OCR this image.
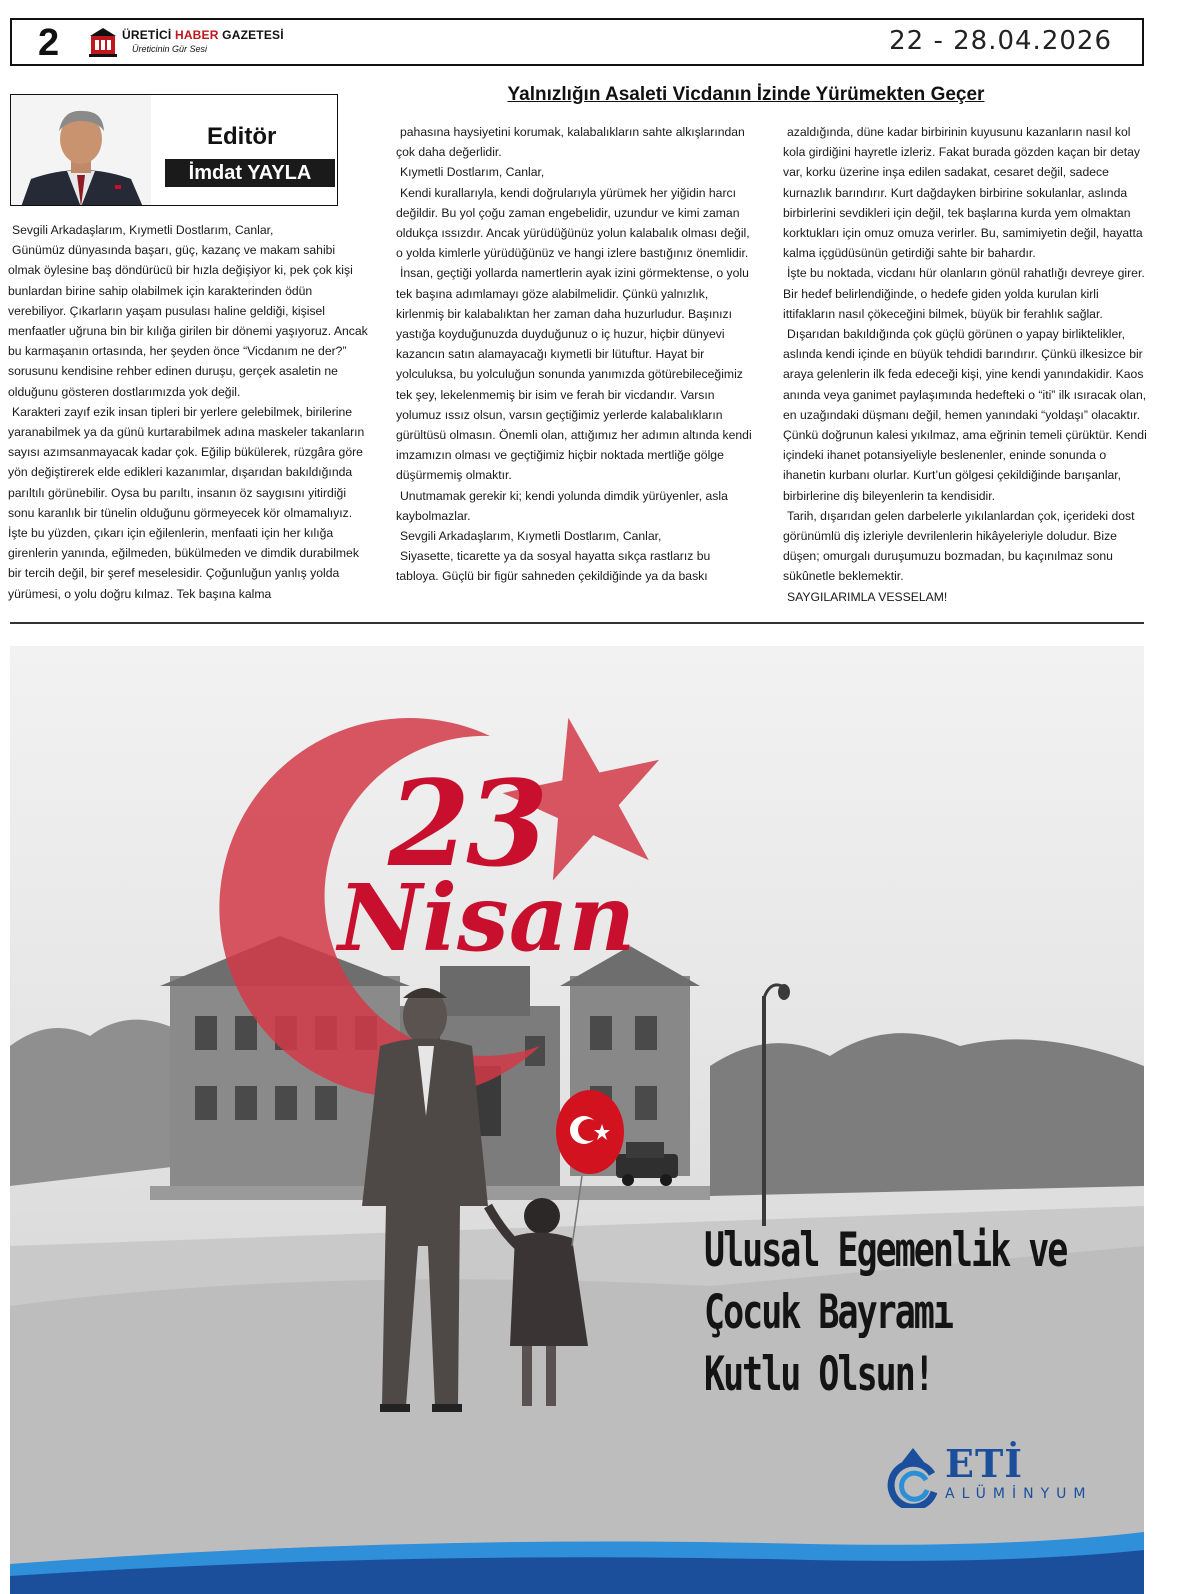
2	ÜRETİCİ HABER GAZETESİ
Üreticinin Gür Sesi	22 - 28.04.2026
Editör
İmdat YAYLA
Yalnızlığın Asaleti Vicdanın İzinde Yürümekten Geçer

Sevgili Arkadaşlarım, Kıymetli Dostlarım, Canlar,

Günümüz dünyasında başarı, güç, kazanç ve makam sahibi olmak öylesine baş döndürücü bir hızla değişiyor ki, pek çok kişi bunlardan birine sahip olabilmek için karakterinden ödün verebiliyor. Çıkarların yaşam pusulası haline geldiği, kişisel menfaatler uğruna bin bir kılığa girilen bir dönemi yaşıyoruz. Ancak bu karmaşanın ortasında, her şeyden önce “Vicdanım ne der?” sorusunu kendisine rehber edinen duruşu, gerçek asaletin ne olduğunu gösteren dostlarımızda yok değil.

Karakteri zayıf ezik insan tipleri bir yerlere gelebilmek, birilerine yaranabilmek ya da günü kurtarabilmek adına maskeler takanların sayısı azımsanmayacak kadar çok. Eğilip bükülerek, rüzgâra göre yön değiştirerek elde edikleri kazanımlar, dışarıdan bakıldığında parıltılı görünebilir. Oysa bu parıltı, insanın öz saygısını yitirdiği sonu karanlık bir tünelin olduğunu görmeyecek kör olmamalıyız. İşte bu yüzden, çıkarı için eğilenlerin, menfaati için her kılığa girenlerin yanında, eğilmeden, bükülmeden ve dimdik durabilmek bir tercih değil, bir şeref meselesidir. Çoğunluğun yanlış yolda yürümesi, o yolu doğru kılmaz. Tek başına kalma

pahasına haysiyetini korumak, kalabalıkların sahte alkışlarından çok daha değerlidir.

Kıymetli Dostlarım, Canlar,

Kendi kurallarıyla, kendi doğrularıyla yürümek her yiğidin harcı değildir. Bu yol çoğu zaman engebelidir, uzundur ve kimi zaman oldukça ıssızdır. Ancak yürüdüğünüz yolun kalabalık olması değil, o yolda kimlerle yürüdüğünüz ve hangi izlere bastığınız önemlidir.

İnsan, geçtiği yollarda namertlerin ayak izini görmektense, o yolu tek başına adımlamayı göze alabilmelidir. Çünkü yalnızlık, kirlenmiş bir kalabalıktan her zaman daha huzurludur. Başınızı yastığa koyduğunuzda duyduğunuz o iç huzur, hiçbir dünyevi kazancın satın alamayacağı kıymetli bir lütuftur. Hayat bir yolculuksa, bu yolculuğun sonunda yanımızda götürebileceğimiz tek şey, lekelenmemiş bir isim ve ferah bir vicdandır. Varsın yolumuz ıssız olsun, varsın geçtiğimiz yerlerde kalabalıkların gürültüsü olmasın. Önemli olan, attığımız her adımın altında kendi imzamızın olması ve geçtiğimiz hiçbir noktada mertliğe gölge düşürmemiş olmaktır.

Unutmamak gerekir ki; kendi yolunda dimdik yürüyenler, asla kaybolmazlar.

Sevgili Arkadaşlarım, Kıymetli Dostlarım, Canlar,

Siyasette, ticarette ya da sosyal hayatta sıkça rastlarız bu tabloya. Güçlü bir figür sahneden çekildiğinde ya da baskı

azaldığında, düne kadar birbirinin kuyusunu kazanların nasıl kol kola girdiğini hayretle izleriz. Fakat burada gözden kaçan bir detay var, korku üzerine inşa edilen sadakat, cesaret değil, sadece kurnazlık barındırır. Kurt dağdayken birbirine sokulanlar, aslında birbirlerini sevdikleri için değil, tek başlarına kurda yem olmaktan korktukları için omuz omuza verirler. Bu, samimiyetin değil, hayatta kalma içgüdüsünün getirdiği sahte bir bahardır.

İşte bu noktada, vicdanı hür olanların gönül rahatlığı devreye girer. Bir hedef belirlendiğinde, o hedefe giden yolda kurulan kirli ittifakların nasıl çökeceğini bilmek, büyük bir ferahlık sağlar.

Dışarıdan bakıldığında çok güçlü görünen o yapay birliktelikler, aslında kendi içinde en büyük tehdidi barındırır. Çünkü ilkesizce bir araya gelenlerin ilk feda edeceği kişi, yine kendi yanındakidir. Kaos anında veya ganimet paylaşımında hedefteki o “iti” ilk ısıracak olan, en uzağındaki düşmanı değil, hemen yanındaki “yoldaşı” olacaktır. Çünkü doğrunun kalesi yıkılmaz, ama eğrinin temeli çürüktür. Kendi içindeki ihanet potansiyeliyle beslenenler, eninde sonunda o ihanetin kurbanı olurlar. Kurt’un gölgesi çekildiğinde barışanlar, birbirlerine diş bileyenlerin ta kendisidir.

Tarih, dışarıdan gelen darbelerle yıkılanlardan çok, içerideki dost görünümlü diş izleriyle devrilenlerin hikâyeleriyle doludur. Bize düşen; omurgalı duruşumuzu bozmadan, bu kaçınılmaz sonu sükûnetle beklemektir.

SAYGILARIMLA VESSELAM!

23
Nisan
Ulusal Egemenlik ve
Çocuk Bayramı
Kutlu Olsun!
ETİ
ALÜMİNYUM
